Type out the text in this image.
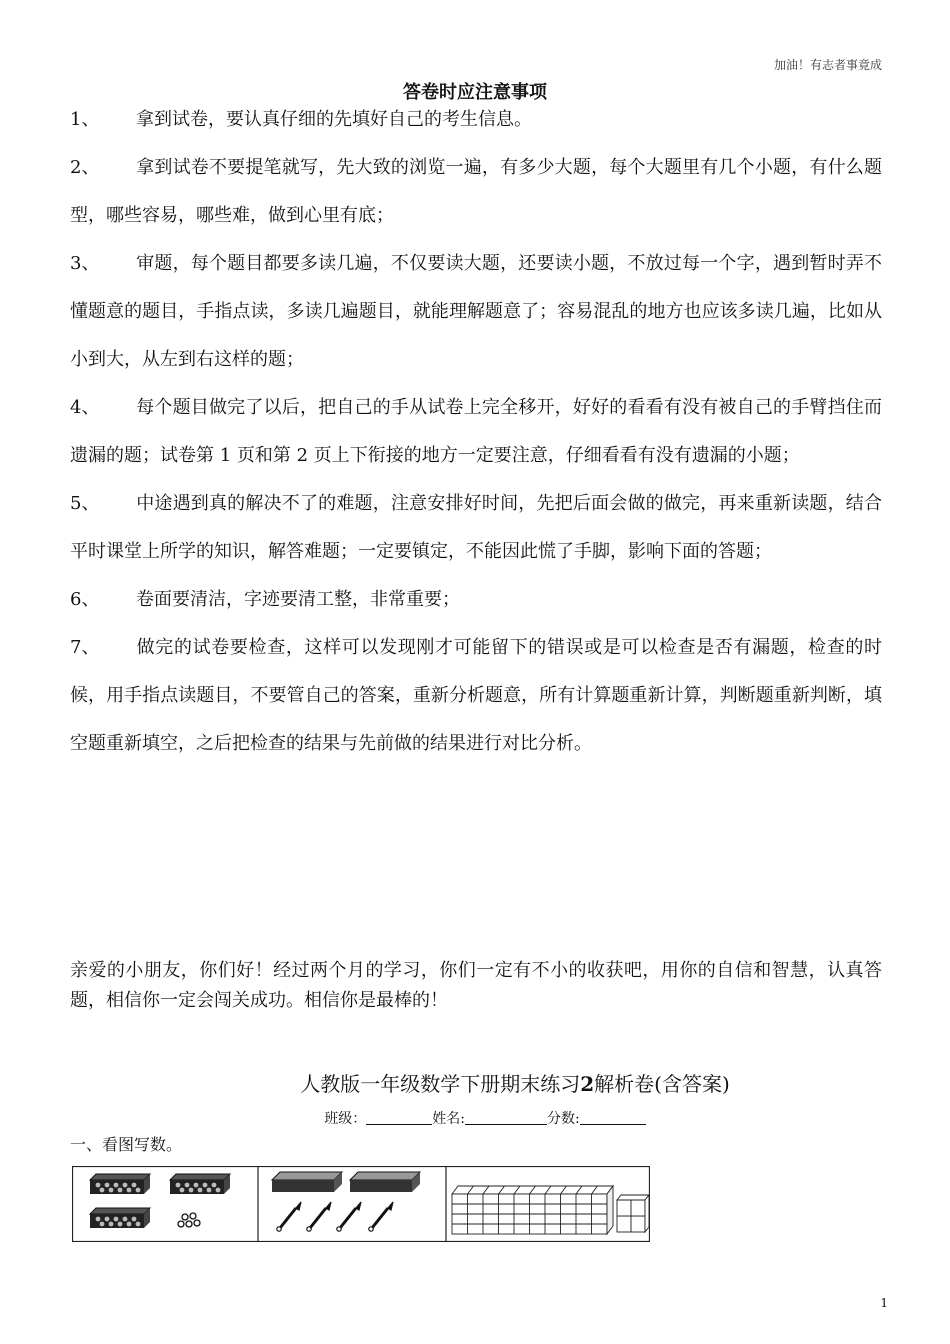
加油！有志者事竟成
答卷时应注意事项

1、 拿到试卷，要认真仔细的先填好自己的考生信息。

2、 拿到试卷不要提笔就写，先大致的浏览一遍，有多少大题，每个大题里有几个小题，有什么题型，哪些容易，哪些难，做到心里有底；

3、 审题，每个题目都要多读几遍，不仅要读大题，还要读小题，不放过每一个字，遇到暂时弄不懂题意的题目，手指点读，多读几遍题目，就能理解题意了；容易混乱的地方也应该多读几遍，比如从小到大，从左到右这样的题；

4、 每个题目做完了以后，把自己的手从试卷上完全移开，好好的看看有没有被自己的手臂挡住而遗漏的题；试卷第 1 页和第 2 页上下衔接的地方一定要注意，仔细看看有没有遗漏的小题；

5、 中途遇到真的解决不了的难题，注意安排好时间，先把后面会做的做完，再来重新读题，结合平时课堂上所学的知识，解答难题；一定要镇定，不能因此慌了手脚，影响下面的答题；

6、 卷面要清洁，字迹要清工整，非常重要；

7、 做完的试卷要检查，这样可以发现刚才可能留下的错误或是可以检查是否有漏题，检查的时候，用手指点读题目，不要管自己的答案，重新分析题意，所有计算题重新计算，判断题重新判断，填空题重新填空，之后把检查的结果与先前做的结果进行对比分析。

亲爱的小朋友，你们好！经过两个月的学习，你们一定有不小的收获吧，用你的自信和智慧，认真答题，相信你一定会闯关成功。相信你是最棒的！

人教版一年级数学下册期末练习2解析卷(含答案)
班级：	姓名:	分数:
一、看图写数。
1
